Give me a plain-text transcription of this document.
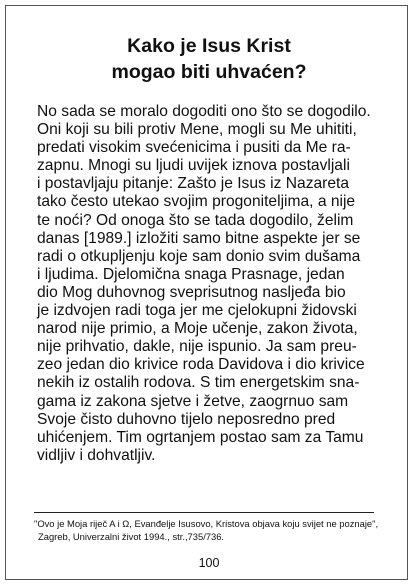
Kako je Isus Krist
mogao biti uhvaćen?
No sada se moralo dogoditi ono što se dogodilo.
Oni koji su bili protiv Mene, mogli su Me uhititi,
predati visokim svećenicima i pusiti da Me ra-
zapnu. Mnogi su ljudi uvijek iznova postavljali
i postavljaju pitanje: Zašto je Isus iz Nazareta
tako često utekao svojim progoniteljima, a nije
te noći? Od onoga što se tada dogodilo, želim
danas [1989.] izložiti samo bitne aspekte jer se
radi o otkupljenju koje sam donio svim dušama
i ljudima. Djelomična snaga Prasnage, jedan
dio Mog duhovnog sveprisutnog nasljeđa bio
je izdvojen radi toga jer me cjelokupni židovski
narod nije primio, a Moje učenje, zakon života,
nije prihvatio, dakle, nije ispunio. Ja sam preu-
zeo jedan dio krivice roda Davidova i dio krivice
nekih iz ostalih rodova. S tim energetskim sna-
gama iz zakona sjetve i žetve, zaogrnuo sam
Svoje čisto duhovno tijelo neposredno pred
uhićenjem. Tim ogrtanjem postao sam za Tamu
vidljiv i dohvatljiv.
"Ovo je Moja riječ A i Ω, Evanđelje Isusovo, Kristova objava koju svijet ne poznaje",
Zagreb, Univerzalni život 1994., str.,735/736.
100
